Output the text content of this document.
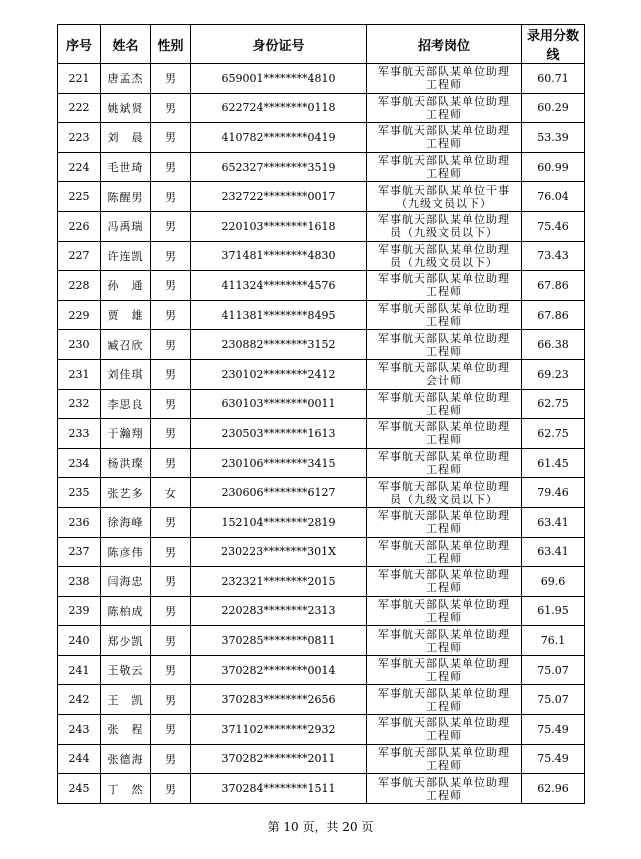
序号	姓名	性别	身份证号	招考岗位	录用分数线
221	唐孟杰	男	659001********4810	军事航天部队某单位助理工程师	60.71
222	姚斌贤	男	622724********0118	军事航天部队某单位助理工程师	60.29
223	刘　晨	男	410782********0419	军事航天部队某单位助理工程师	53.39
224	毛世琦	男	652327********3519	军事航天部队某单位助理工程师	60.99
225	陈醒男	男	232722********0017	军事航天部队某单位干事（九级文员以下）	76.04
226	冯禹瑞	男	220103********1618	军事航天部队某单位助理员（九级文员以下）	75.46
227	许连凯	男	371481********4830	军事航天部队某单位助理员（九级文员以下）	73.43
228	孙　通	男	411324********4576	军事航天部队某单位助理工程师	67.86
229	贾　雄	男	411381********8495	军事航天部队某单位助理工程师	67.86
230	臧召欣	男	230882********3152	军事航天部队某单位助理工程师	66.38
231	刘佳琪	男	230102********2412	军事航天部队某单位助理会计师	69.23
232	李思良	男	630103********0011	军事航天部队某单位助理工程师	62.75
233	于瀚翔	男	230503********1613	军事航天部队某单位助理工程师	62.75
234	杨洪璨	男	230106********3415	军事航天部队某单位助理工程师	61.45
235	张艺多	女	230606********6127	军事航天部队某单位助理员（九级文员以下）	79.46
236	徐海峰	男	152104********2819	军事航天部队某单位助理工程师	63.41
237	陈彦伟	男	230223********301X	军事航天部队某单位助理工程师	63.41
238	闫海忠	男	232321********2015	军事航天部队某单位助理工程师	69.6
239	陈柏成	男	220283********2313	军事航天部队某单位助理工程师	61.95
240	郑少凯	男	370285********0811	军事航天部队某单位助理工程师	76.1
241	王敬云	男	370282********0014	军事航天部队某单位助理工程师	75.07
242	王　凯	男	370283********2656	军事航天部队某单位助理工程师	75.07
243	张　程	男	371102********2932	军事航天部队某单位助理工程师	75.49
244	张德海	男	370282********2011	军事航天部队某单位助理工程师	75.49
245	丁　然	男	370284********1511	军事航天部队某单位助理工程师	62.96
第 10 页，共 20 页
